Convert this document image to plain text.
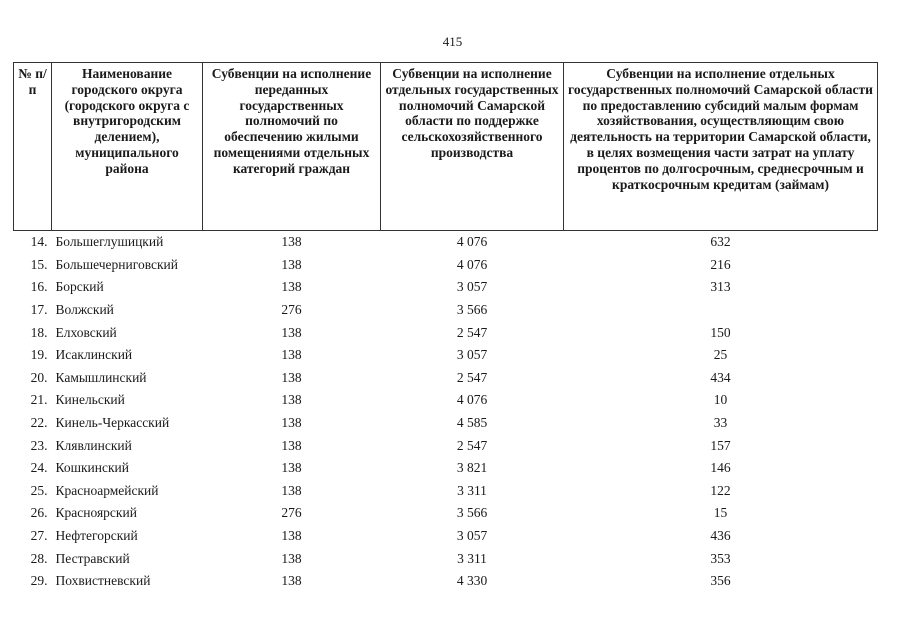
415
№ п/п	Наименование городского округа (городского округа с внутригородским делением), муниципального района	Субвенции на исполнение переданных государственных полномочий по обеспечению жилыми помещениями отдельных категорий граждан	Субвенции на исполнение отдельных государственных полномочий Самарской области по поддержке сельскохозяйственного производства	Субвенции на исполнение отдельных государственных полномочий Самарской области по предоставлению субсидий малым формам хозяйствования, осуществляющим свою деятельность на территории Самарской области, в целях возмещения части затрат на уплату процентов по долгосрочным, среднесрочным и краткосрочным кредитам (займам)
14.	Большеглушицкий	138	4 076	632
15.	Большечерниговский	138	4 076	216
16.	Борский	138	3 057	313
17.	Волжский	276	3 566	
18.	Елховский	138	2 547	150
19.	Исаклинский	138	3 057	25
20.	Камышлинский	138	2 547	434
21.	Кинельский	138	4 076	10
22.	Кинель-Черкасский	138	4 585	33
23.	Клявлинский	138	2 547	157
24.	Кошкинский	138	3 821	146
25.	Красноармейский	138	3 311	122
26.	Красноярский	276	3 566	15
27.	Нефтегорский	138	3 057	436
28.	Пестравский	138	3 311	353
29.	Похвистневский	138	4 330	356
